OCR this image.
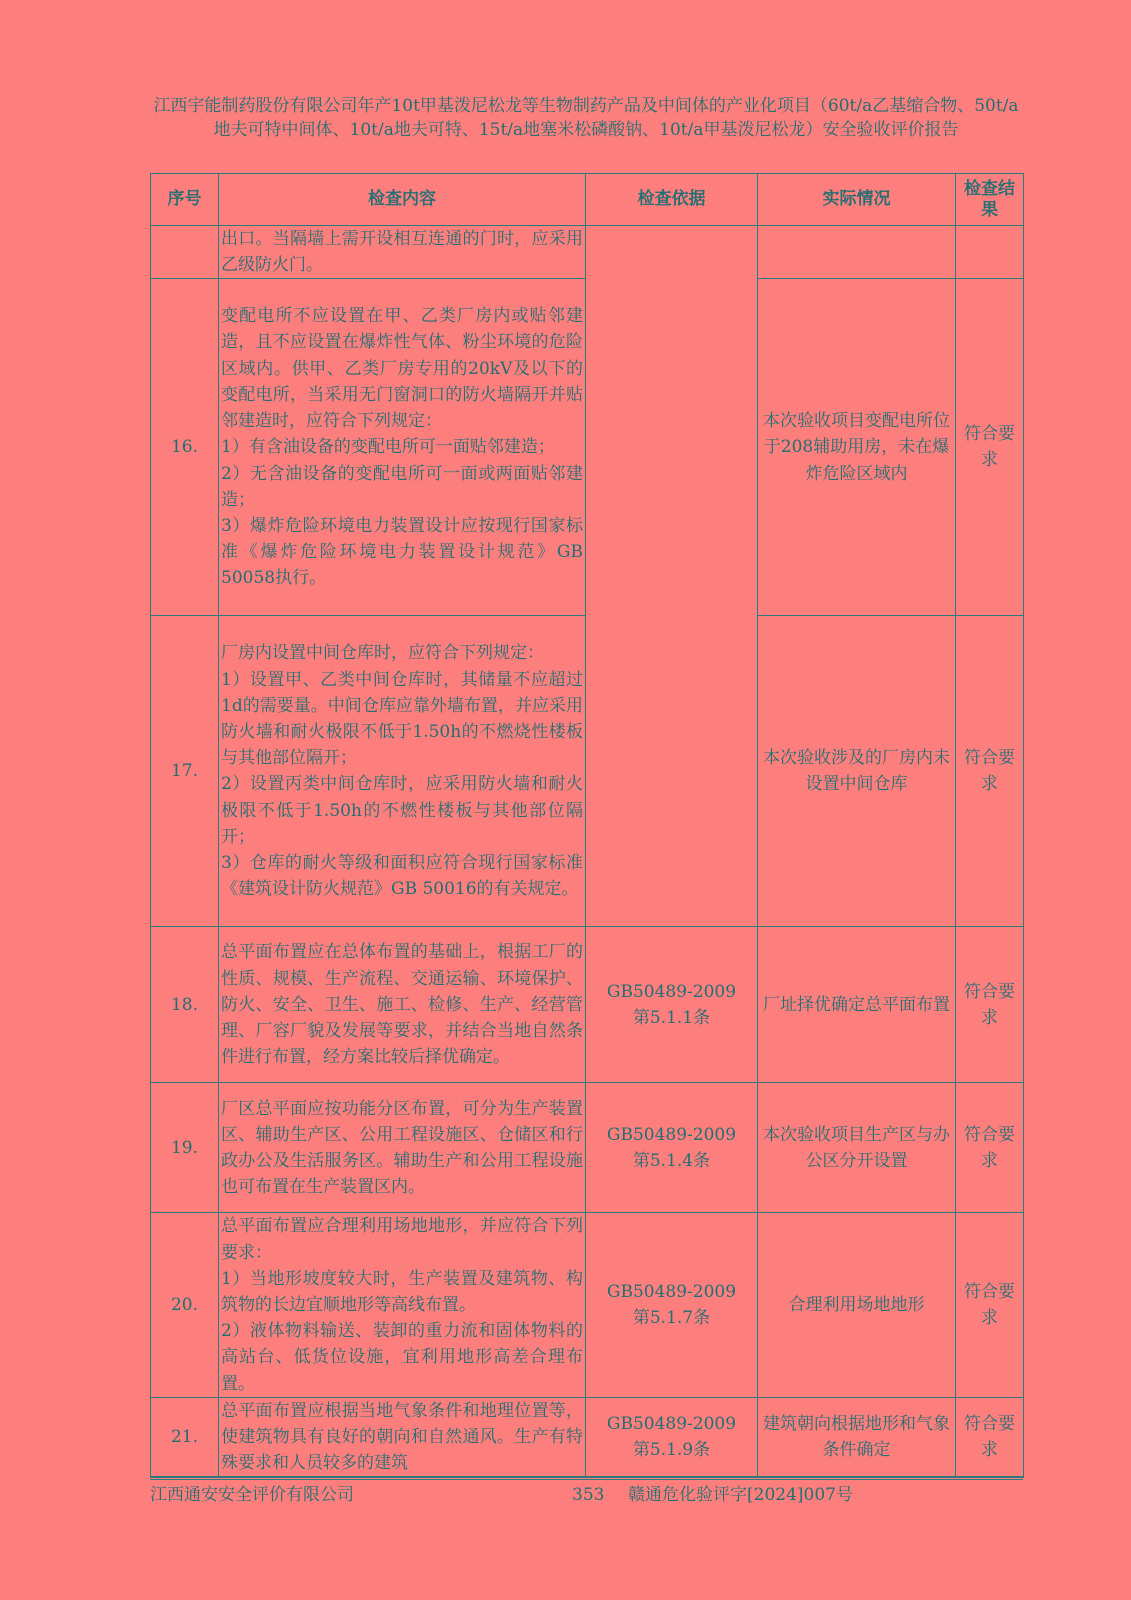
江西宇能制药股份有限公司年产10t甲基泼尼松龙等生物制药产品及中间体的产业化项目（60t/a乙基缩合物、50t/a地夫可特中间体、10t/a地夫可特、15t/a地塞米松磷酸钠、10t/a甲基泼尼松龙）安全验收评价报告
序号	检查内容	检查依据	实际情况	检查结果
	出口。当隔墙上需开设相互连通的门时，应采用乙级防火门。			
16.	变配电所不应设置在甲、乙类厂房内或贴邻建造，且不应设置在爆炸性气体、粉尘环境的危险区域内。供甲、乙类厂房专用的20kV及以下的变配电所，当采用无门窗洞口的防火墙隔开并贴邻建造时，应符合下列规定：
1）有含油设备的变配电所可一面贴邻建造；
2）无含油设备的变配电所可一面或两面贴邻建造；
3）爆炸危险环境电力装置设计应按现行国家标准《爆炸危险环境电力装置设计规范》GB 50058执行。		本次验收项目变配电所位于208辅助用房，未在爆炸危险区域内	符合要求
17.	厂房内设置中间仓库时，应符合下列规定：
1）设置甲、乙类中间仓库时，其储量不应超过1d的需要量。中间仓库应靠外墙布置，并应采用防火墙和耐火极限不低于1.50h的不燃烧性楼板与其他部位隔开；
2）设置丙类中间仓库时，应采用防火墙和耐火极限不低于1.50h的不燃性楼板与其他部位隔开；
3）仓库的耐火等级和面积应符合现行国家标准《建筑设计防火规范》GB 50016的有关规定。		本次验收涉及的厂房内未设置中间仓库	符合要求
18.	总平面布置应在总体布置的基础上，根据工厂的性质、规模、生产流程、交通运输、环境保护、防火、安全、卫生、施工、检修、生产、经营管理、厂容厂貌及发展等要求，并结合当地自然条件进行布置，经方案比较后择优确定。	GB50489-2009
第5.1.1条	厂址择优确定总平面布置	符合要求
19.	厂区总平面应按功能分区布置，可分为生产装置区、辅助生产区、公用工程设施区、仓储区和行政办公及生活服务区。辅助生产和公用工程设施也可布置在生产装置区内。	GB50489-2009
第5.1.4条	本次验收项目生产区与办公区分开设置	符合要求
20.	总平面布置应合理利用场地地形，并应符合下列要求：
1）当地形坡度较大时，生产装置及建筑物、构筑物的长边宜顺地形等高线布置。
2）液体物料输送、装卸的重力流和固体物料的高站台、低货位设施，宜利用地形高差合理布置。	GB50489-2009
第5.1.7条	合理利用场地地形	符合要求
21.	总平面布置应根据当地气象条件和地理位置等，使建筑物具有良好的朝向和自然通风。生产有特殊要求和人员较多的建筑	GB50489-2009
第5.1.9条	建筑朝向根据地形和气象条件确定	符合要求
江西通安安全评价有限公司	353 赣通危化验评字[2024]007号
